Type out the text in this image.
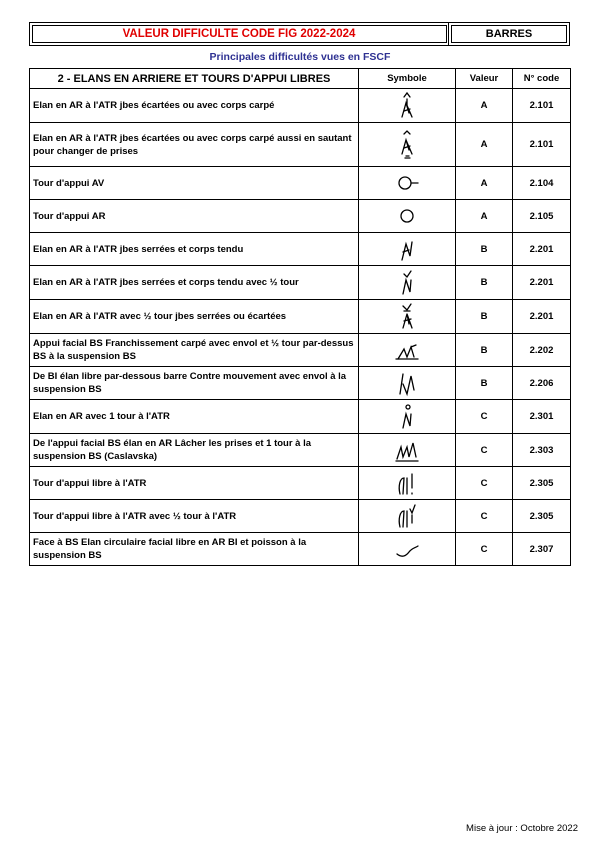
VALEUR DIFFICULTE CODE FIG 2022-2024	BARRES
Principales difficultés vues en FSCF
2 - ELANS EN ARRIERE ET TOURS D'APPUI LIBRES	Symbole	Valeur	N° code
Elan en AR à l'ATR jbes écartées ou avec corps carpé		A	2.101
Elan en AR à l'ATR jbes écartées ou avec corps carpé aussi en sautant pour changer de prises		A	2.101
Tour d'appui AV		A	2.104
Tour d'appui AR		A	2.105
Elan en AR à l'ATR jbes serrées et corps tendu		B	2.201
Elan en AR à l'ATR jbes serrées et corps tendu avec ½ tour		B	2.201
Elan en AR à l'ATR avec ½ tour jbes serrées ou écartées		B	2.201
Appui facial BS Franchissement carpé avec envol et ½ tour par-dessus BS à la suspension BS		B	2.202
De BI élan libre par-dessous barre Contre mouvement avec envol à la suspension BS		B	2.206
Elan en AR avec 1 tour à l'ATR		C	2.301
De l'appui facial BS élan en AR Lâcher les prises et 1 tour à la suspension BS (Caslavska)		C	2.303
Tour d'appui libre à l'ATR		C	2.305
Tour d'appui libre à l'ATR avec ½ tour à l'ATR		C	2.305
Face à BS Elan circulaire facial libre en AR BI et poisson à la suspension BS		C	2.307
Mise à jour : Octobre 2022
